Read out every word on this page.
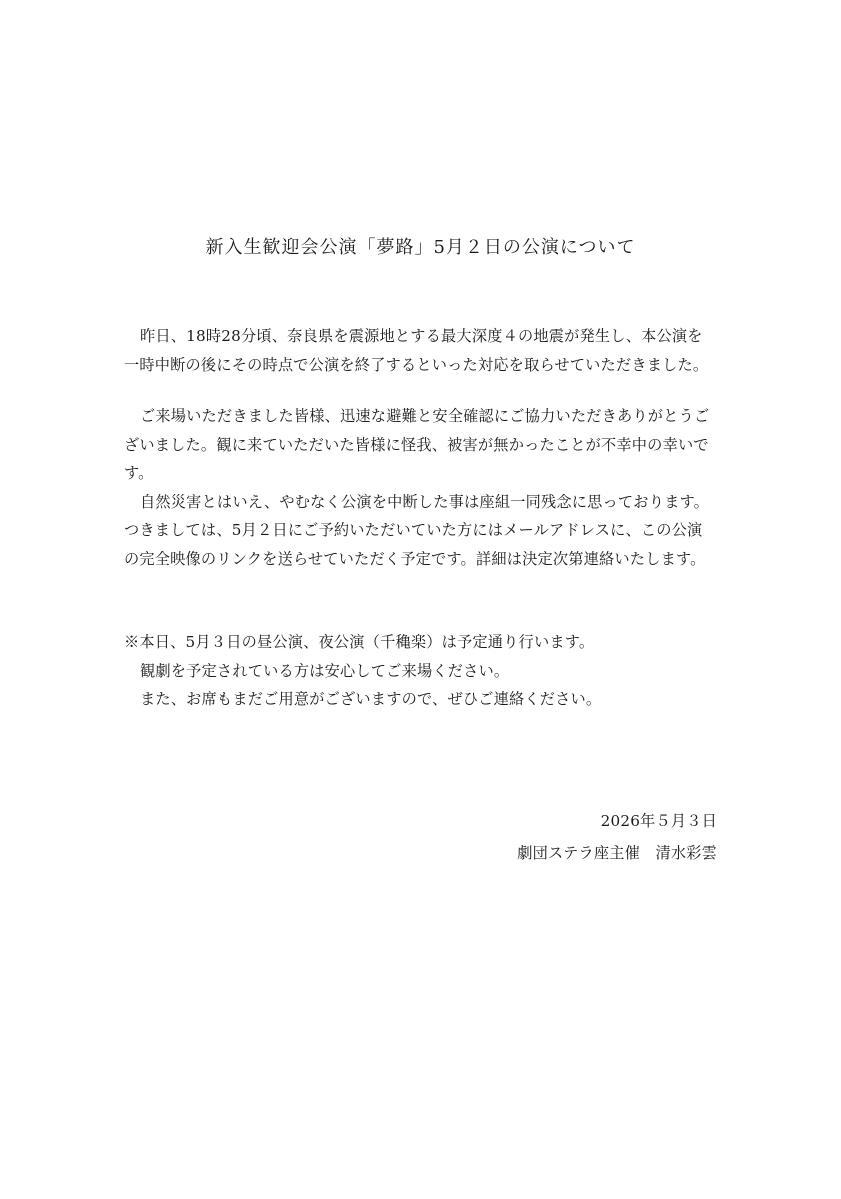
新入生歓迎会公演「夢路」5月２日の公演について
昨日、18時28分頃、奈良県を震源地とする最大深度４の地震が発生し、本公演を
一時中断の後にその時点で公演を終了するといった対応を取らせていただきました。
ご来場いただきました皆様、迅速な避難と安全確認にご協力いただきありがとうご
ざいました。観に来ていただいた皆様に怪我、被害が無かったことが不幸中の幸いで
す。
自然災害とはいえ、やむなく公演を中断した事は座組一同残念に思っております。
つきましては、5月２日にご予約いただいていた方にはメールアドレスに、この公演
の完全映像のリンクを送らせていただく予定です。詳細は決定次第連絡いたします。
※本日、5月３日の昼公演、夜公演（千穐楽）は予定通り行います。
観劇を予定されている方は安心してご来場ください。
また、お席もまだご用意がございますので、ぜひご連絡ください。
2026年５月３日
劇団ステラ座主催　清水彩雲
